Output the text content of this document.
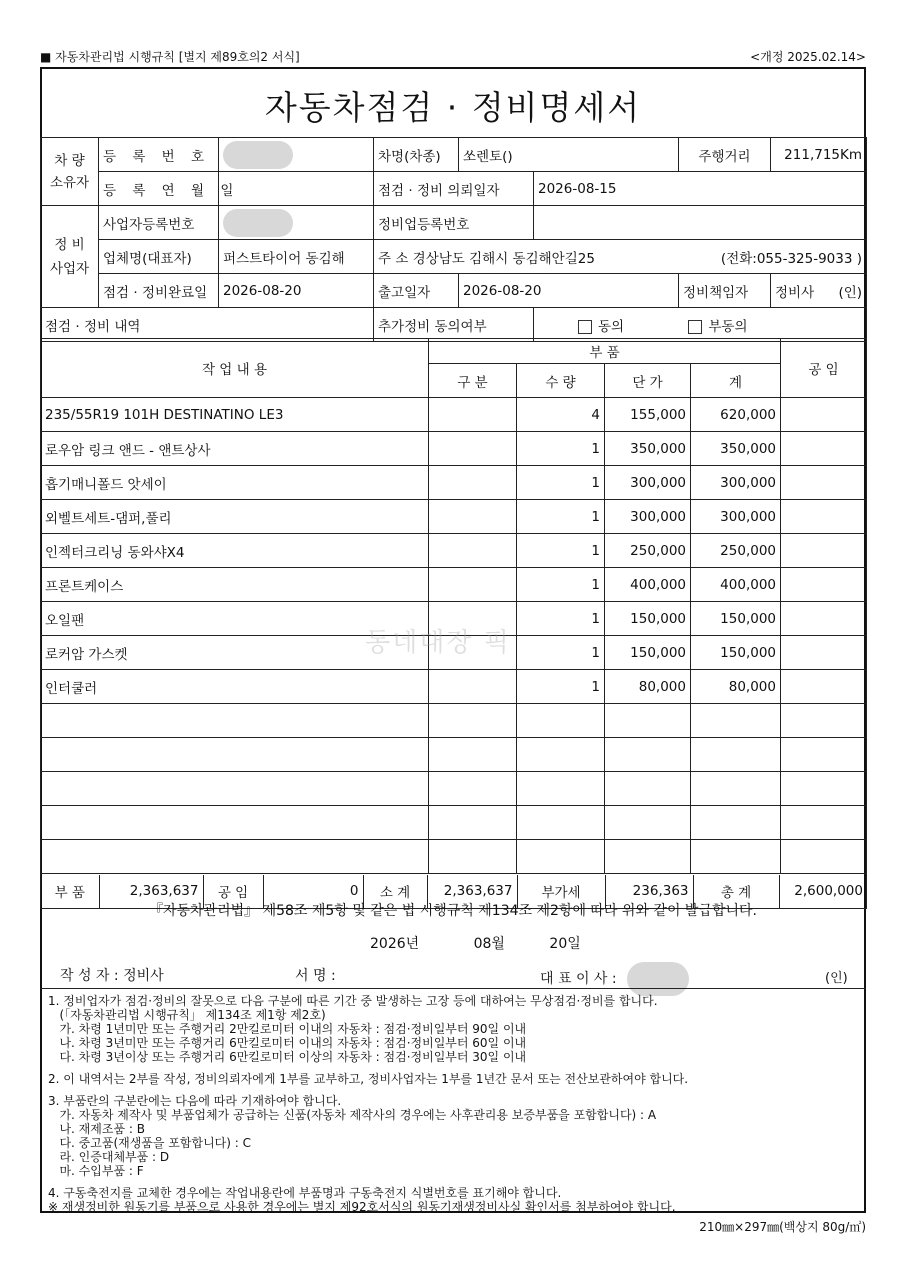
■ 자동차관리법 시행규칙 [별지 제89호의2 서식]	<개정 2025.02.14>
자동차점검 · 정비명세서
차 량
소유자	등 록 번 호		차명(차종)	쏘렌토()		주행거리	211,715Km
	등 록 연 월 일		점검 · 정비 의뢰일자		2026-08-15		
정 비
사업자	사업자등록번호		정비업등록번호				
	업체명(대표자)	퍼스트타이어 동김해	주 소 경상남도 김해시 동김해안길25 (전화:055-325-9033 )				

	점검 · 정비완료일	2026-08-20	출고일자	2026-08-20		정비책임자	정비사 (인)

점검 · 정비 내역			추가정비 동의여부		동의 부동의		
작 업 내 용	부 품	공 임
구 분	수 량	단 가	계
235/55R19 101H DESTINATINO LE3		4	155,000	620,000	
로우암 링크 앤드 - 앤트상사		1	350,000	350,000	
흡기매니폴드 앗세이		1	300,000	300,000	
외벨트세트-댐퍼,풀리		1	300,000	300,000	
인젝터크리닝 동와샤X4		1	250,000	250,000	
프론트케이스		1	400,000	400,000	
오일팬		1	150,000	150,000	
로커암 가스켓		1	150,000	150,000	
인터쿨러		1	80,000	80,000	

부 품	2,363,637	공 임	0	소 계	2,363,637	부가세	236,363	총 계	2,600,000
동네대장 픽
『자동차관리법』 제58조 제5항 및 같은 법 시행규칙 제134조 제2항에 따라 위와 같이 발급합니다.
2026년	08월	20일
작 성 자 : 정비사	서 명 :	대 표 이 사 :	(인)
1. 정비업자가 점검·정비의 잘못으로 다음 구분에 따른 기간 중 발생하는 고장 등에 대하여는 무상점검·정비를 합니다.
(「자동차관리법 시행규칙」 제134조 제1항 제2호)
가. 차령 1년미만 또는 주행거리 2만킬로미터 이내의 자동차 : 점검·정비일부터 90일 이내
나. 차령 3년미만 또는 주행거리 6만킬로미터 이내의 자동차 : 점검·정비일부터 60일 이내
다. 차령 3년이상 또는 주행거리 6만킬로미터 이상의 자동차 : 점검·정비일부터 30일 이내
2. 이 내역서는 2부를 작성, 정비의뢰자에게 1부를 교부하고, 정비사업자는 1부를 1년간 문서 또는 전산보관하여야 합니다.
3. 부품란의 구분란에는 다음에 따라 기재하여야 합니다.
가. 자동차 제작사 및 부품업체가 공급하는 신품(자동차 제작사의 경우에는 사후관리용 보증부품을 포함합니다) : A
나. 재제조품 : B
다. 중고품(재생품을 포함합니다) : C
라. 인증대체부품 : D
마. 수입부품 : F
4. 구동축전지를 교체한 경우에는 작업내용란에 부품명과 구동축전지 식별번호를 표기해야 합니다.
※ 재생정비한 원동기를 부품으로 사용한 경우에는 별지 제92호서식의 원동기재생정비사실 확인서를 첨부하여야 합니다.
210㎜×297㎜(백상지 80g/㎡)
